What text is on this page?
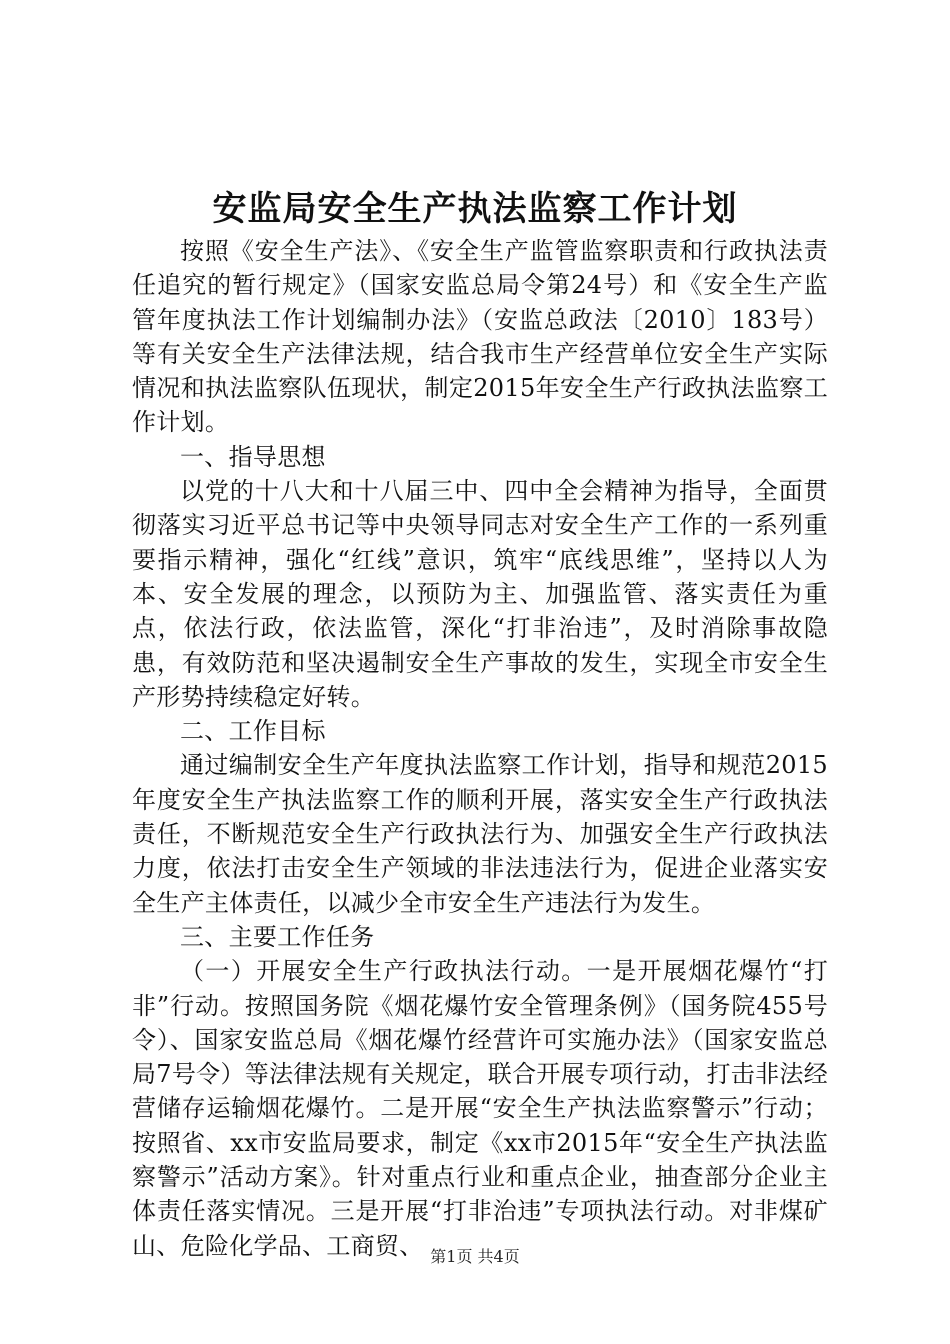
安监局安全生产执法监察工作计划

按照《安全生产法》、《安全生产监管监察职责和行政执法责任追究的暂行规定》（国家安监总局令第24号）和《安全生产监管年度执法工作计划编制办法》（安监总政法〔2010〕183号）等有关安全生产法律法规，结合我市生产经营单位安全生产实际情况和执法监察队伍现状，制定2015年安全生产行政执法监察工作计划。

一、指导思想

以党的十八大和十八届三中、四中全会精神为指导，全面贯彻落实习近平总书记等中央领导同志对安全生产工作的一系列重要指示精神，强化“红线”意识，筑牢“底线思维”，坚持以人为本、安全发展的理念，以预防为主、加强监管、落实责任为重点，依法行政，依法监管，深化“打非治违”，及时消除事故隐患，有效防范和坚决遏制安全生产事故的发生，实现全市安全生产形势持续稳定好转。

二、工作目标

通过编制安全生产年度执法监察工作计划，指导和规范2015年度安全生产执法监察工作的顺利开展，落实安全生产行政执法责任，不断规范安全生产行政执法行为、加强安全生产行政执法力度，依法打击安全生产领域的非法违法行为，促进企业落实安全生产主体责任，以减少全市安全生产违法行为发生。

三、主要工作任务

（一）开展安全生产行政执法行动。一是开展烟花爆竹“打非”行动。按照国务院《烟花爆竹安全管理条例》（国务院455号令）、国家安监总局《烟花爆竹经营许可实施办法》（国家安监总局7号令）等法律法规有关规定，联合开展专项行动，打击非法经营储存运输烟花爆竹。二是开展“安全生产执法监察警示”行动；按照省、xx市安监局要求，制定《xx市2015年“安全生产执法监察警示”活动方案》。针对重点行业和重点企业，抽查部分企业主体责任落实情况。三是开展“打非治违”专项执法行动。对非煤矿山、危险化学品、工商贸、 第1页 共4页
